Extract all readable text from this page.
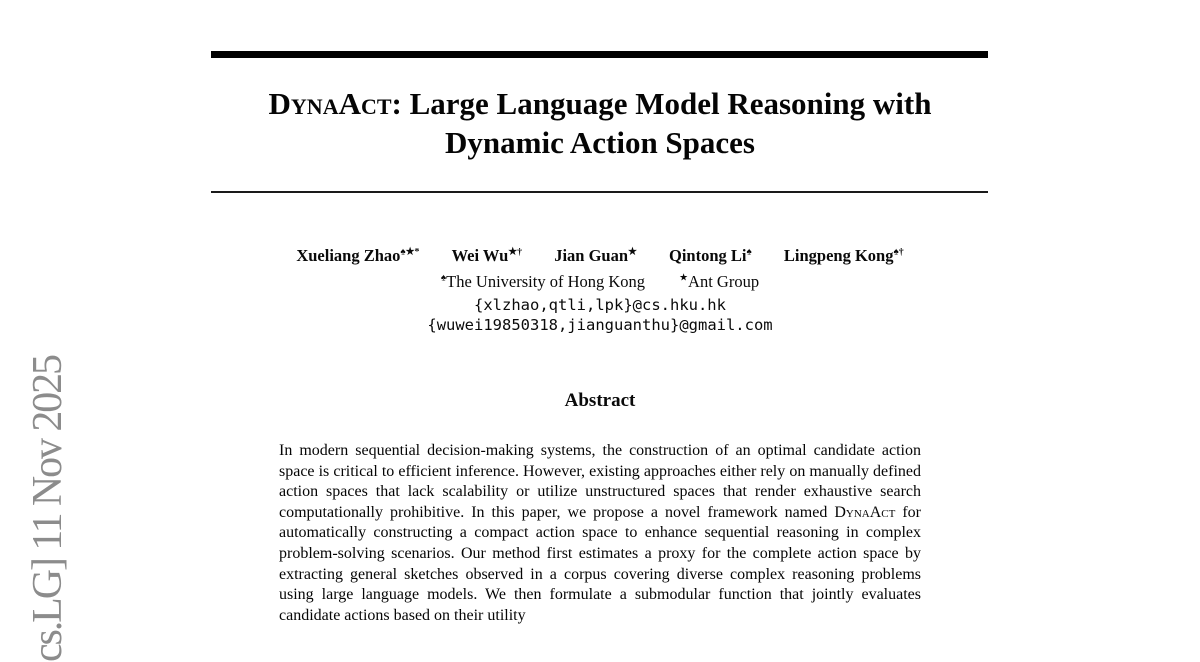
cs.LG] 11 Nov 2025
DynaAct: Large Language Model Reasoning with
Dynamic Action Spaces
Xueliang Zhao♠★* Wei Wu★† Jian Guan★ Qintong Li♠ Lingpeng Kong♠†
♠The University of Hong Kong	★Ant Group
{xlzhao,qtli,lpk}@cs.hku.hk
{wuwei19850318,jianguanthu}@gmail.com
Abstract

In modern sequential decision-making systems, the construction of an optimal candidate action space is critical to efficient inference. However, existing approaches either rely on manually defined action spaces that lack scalability or utilize unstructured spaces that render exhaustive search computationally prohibitive. In this paper, we propose a novel framework named DynaAct for automatically constructing a compact action space to enhance sequential reasoning in complex problem-solving scenarios. Our method first estimates a proxy for the complete action space by extracting general sketches observed in a corpus covering diverse complex reasoning problems using large language models. We then formulate a submodular function that jointly evaluates candidate actions based on their utility
